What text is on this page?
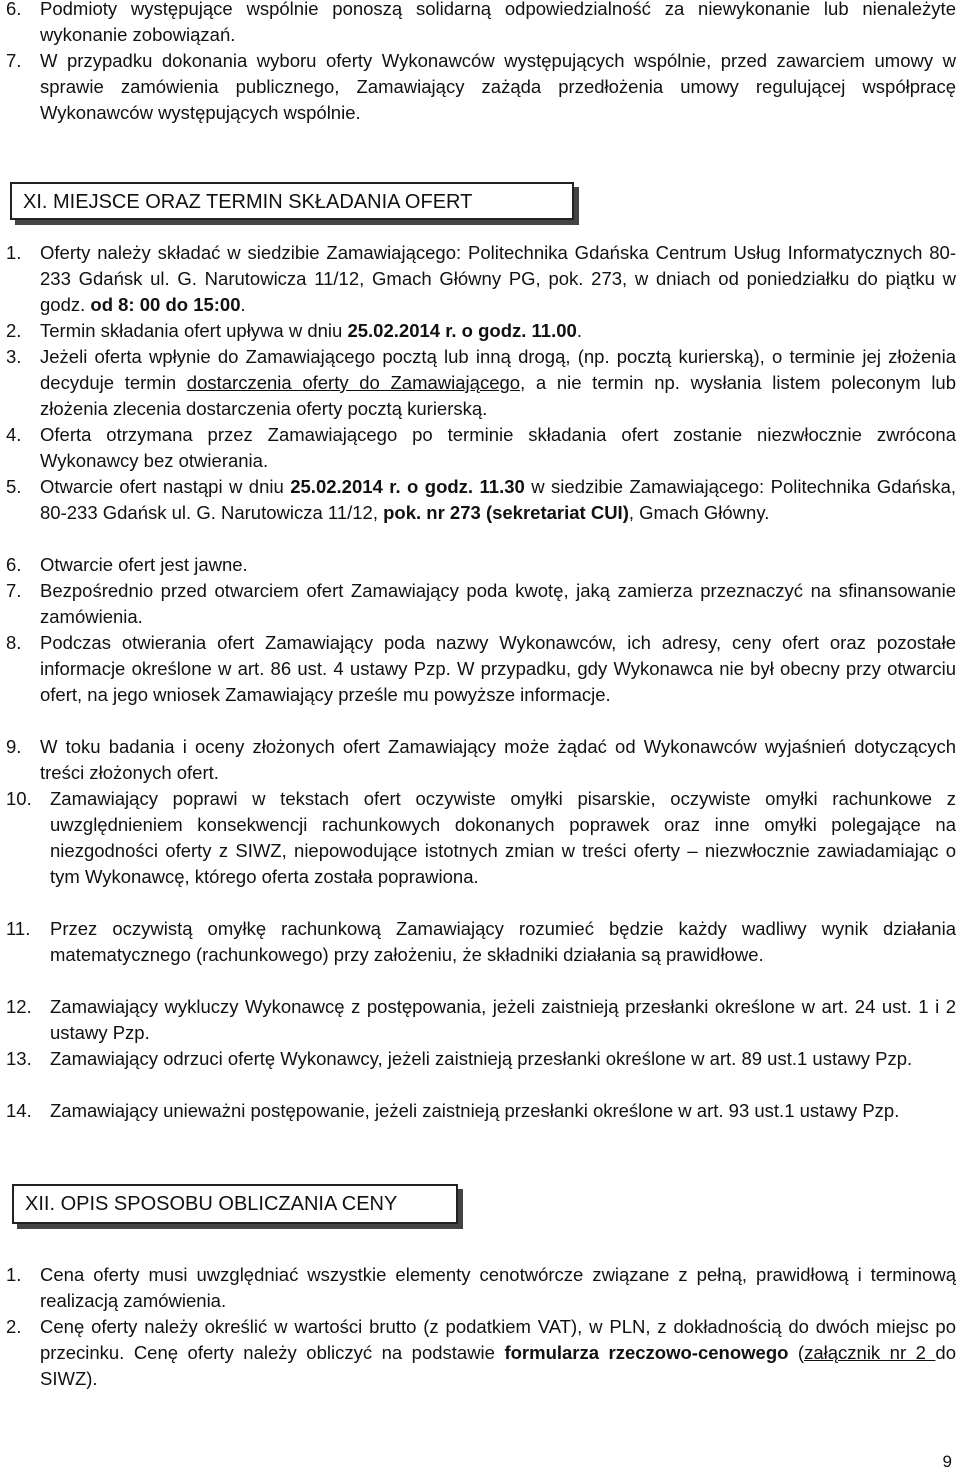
6.	Podmioty występujące wspólnie ponoszą solidarną odpowiedzialność za niewykonanie lub nienależyte wykonanie zobowiązań.
7.	W przypadku dokonania wyboru oferty Wykonawców występujących wspólnie, przed zawarciem umowy w sprawie zamówienia publicznego, Zamawiający zażąda przedłożenia umowy regulującej współpracę Wykonawców występujących wspólnie.
XI. MIEJSCE ORAZ TERMIN SKŁADANIA OFERT
1.	Oferty należy składać w siedzibie Zamawiającego: Politechnika Gdańska Centrum Usług Informatycznych 80-233 Gdańsk ul. G. Narutowicza 11/12, Gmach Główny PG, pok. 273, w dniach od poniedziałku do piątku w godz. od 8: 00 do 15:00.
2.	Termin składania ofert upływa w dniu 25.02.2014 r. o godz. 11.00.
3.	Jeżeli oferta wpłynie do Zamawiającego pocztą lub inną drogą, (np. pocztą kurierską), o terminie jej złożenia decyduje termin dostarczenia oferty do Zamawiającego, a nie termin np. wysłania listem poleconym lub złożenia zlecenia dostarczenia oferty pocztą kurierską.
4.	Oferta otrzymana przez Zamawiającego po terminie składania ofert zostanie niezwłocznie zwrócona Wykonawcy bez otwierania.
5.	Otwarcie ofert nastąpi w dniu 25.02.2014 r. o godz. 11.30 w siedzibie Zamawiającego: Politechnika Gdańska, 80-233 Gdańsk ul. G. Narutowicza 11/12, pok. nr 273 (sekretariat CUI), Gmach Główny.
6.	Otwarcie ofert jest jawne.
7.	Bezpośrednio przed otwarciem ofert Zamawiający poda kwotę, jaką zamierza przeznaczyć na sfinansowanie zamówienia.
8.	Podczas otwierania ofert Zamawiający poda nazwy Wykonawców, ich adresy, ceny ofert oraz pozostałe informacje określone w art. 86 ust. 4 ustawy Pzp. W przypadku, gdy Wykonawca nie był obecny przy otwarciu ofert, na jego wniosek Zamawiający prześle mu powyższe informacje.
9.	W toku badania i oceny złożonych ofert Zamawiający może żądać od Wykonawców wyjaśnień dotyczących treści złożonych ofert.
10. Zamawiający poprawi w tekstach ofert oczywiste omyłki pisarskie, oczywiste omyłki rachunkowe z uwzględnieniem konsekwencji rachunkowych dokonanych poprawek oraz inne omyłki polegające na niezgodności oferty z SIWZ, niepowodujące istotnych zmian w treści oferty – niezwłocznie zawiadamiając o tym Wykonawcę, którego oferta została poprawiona.
11.	Przez oczywistą omyłkę rachunkową Zamawiający rozumieć będzie każdy wadliwy wynik działania matematycznego (rachunkowego) przy założeniu, że składniki działania są prawidłowe.
12. Zamawiający wykluczy Wykonawcę z postępowania, jeżeli zaistnieją przesłanki określone w art. 24 ust. 1 i 2 ustawy Pzp.
13. Zamawiający odrzuci ofertę Wykonawcy, jeżeli zaistnieją przesłanki określone w art. 89 ust.1 ustawy Pzp.
14. Zamawiający unieważni postępowanie, jeżeli zaistnieją przesłanki określone w art. 93 ust.1 ustawy Pzp.
XII. OPIS SPOSOBU OBLICZANIA CENY
1.	Cena oferty musi uwzględniać wszystkie elementy cenotwórcze związane z pełną, prawidłową i terminową realizacją zamówienia.
2.	Cenę oferty należy określić w wartości brutto (z podatkiem VAT), w PLN, z dokładnością do dwóch miejsc po przecinku. Cenę oferty należy obliczyć na podstawie formularza rzeczowo-cenowego (załącznik nr 2 do SIWZ).
9
